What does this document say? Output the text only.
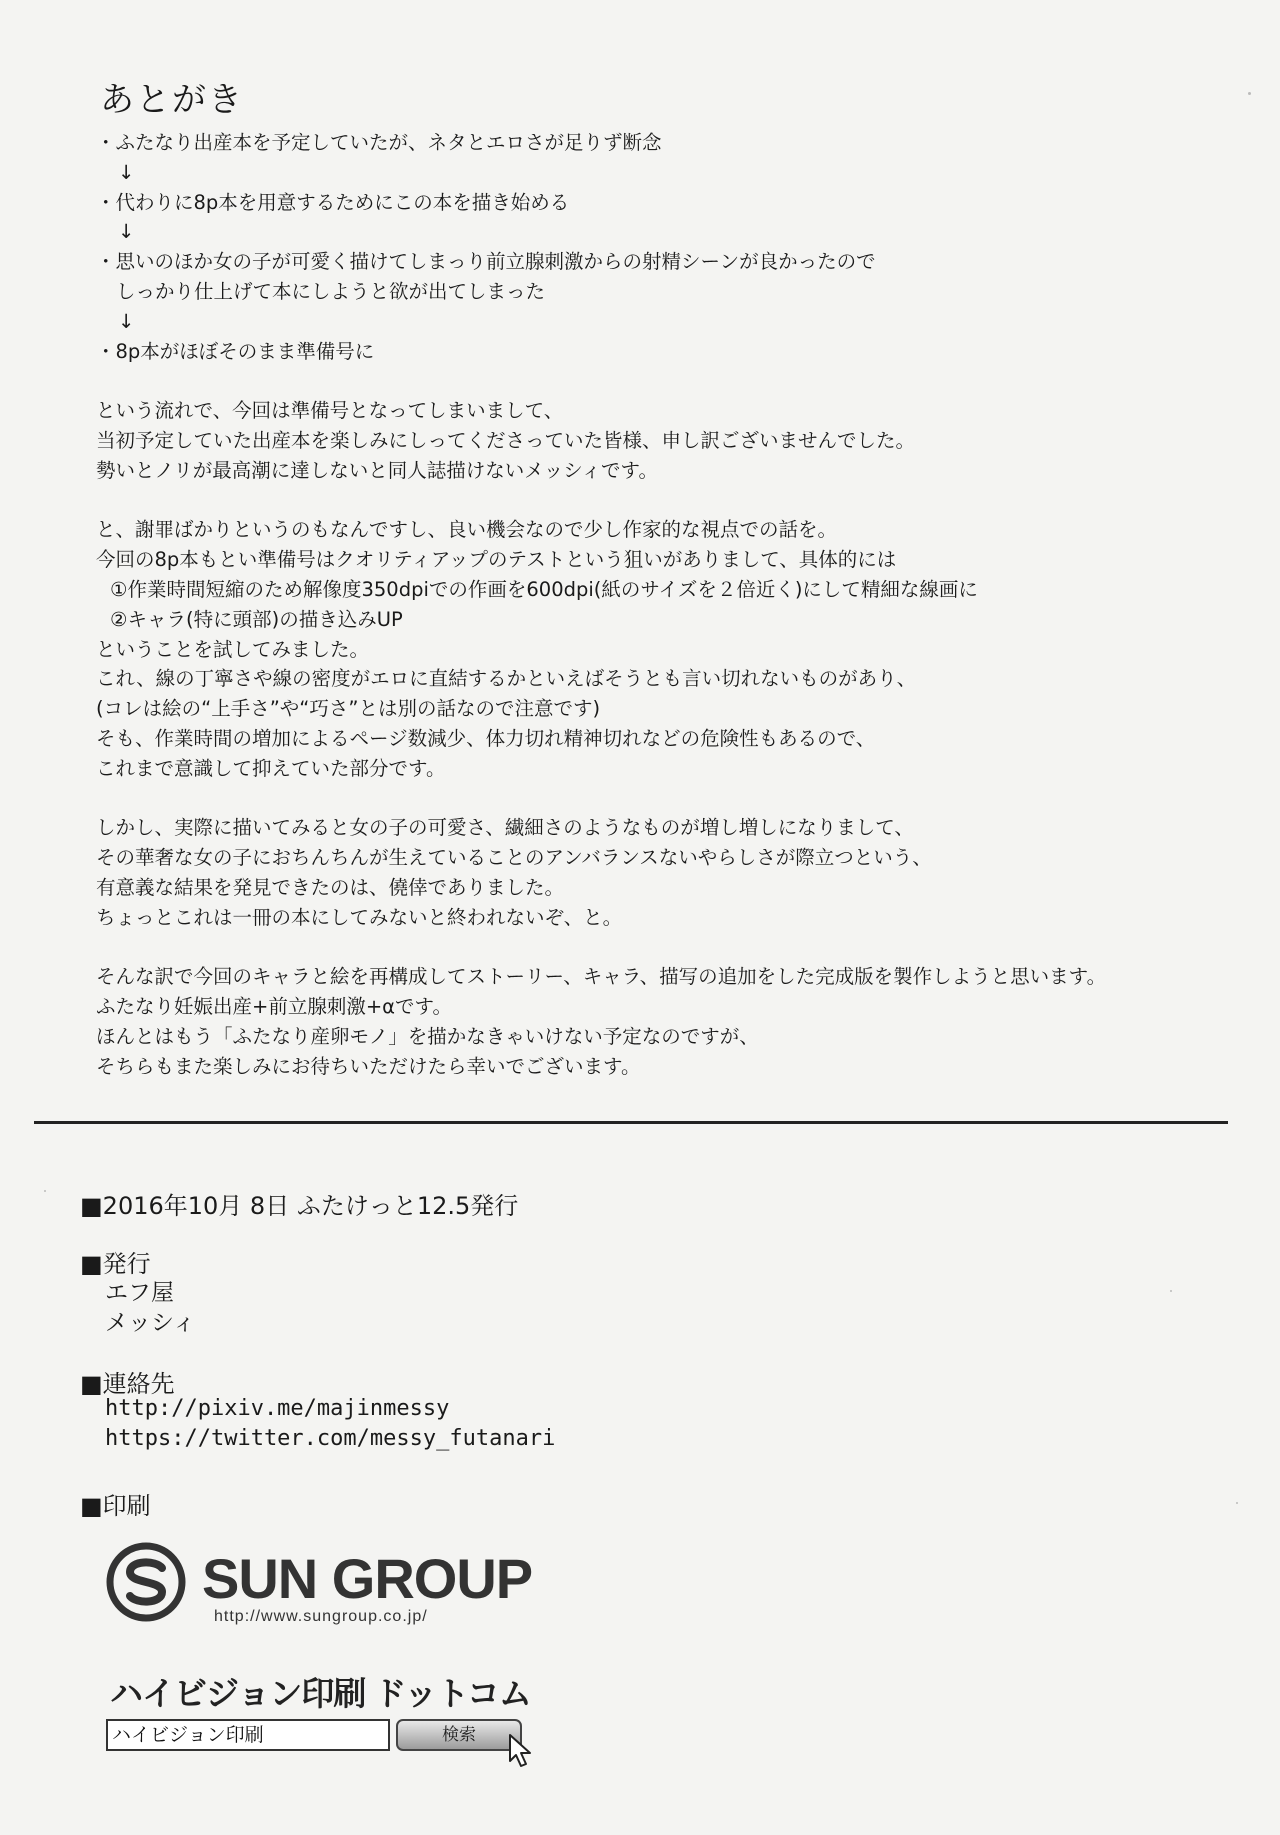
あとがき
・ふたなり出産本を予定していたが、ネタとエロさが足りず断念
↓
・代わりに8p本を用意するためにこの本を描き始める
↓
・思いのほか女の子が可愛く描けてしまっり前立腺刺激からの射精シーンが良かったので
しっかり仕上げて本にしようと欲が出てしまった
↓
・8p本がほぼそのまま準備号に
という流れで、今回は準備号となってしまいまして、
当初予定していた出産本を楽しみにしってくださっていた皆様、申し訳ございませんでした。
勢いとノリが最高潮に達しないと同人誌描けないメッシィです。
と、謝罪ばかりというのもなんですし、良い機会なので少し作家的な視点での話を。
今回の8p本もとい準備号はクオリティアップのテストという狙いがありまして、具体的には
①作業時間短縮のため解像度350dpiでの作画を600dpi(紙のサイズを２倍近く)にして精細な線画に
②キャラ(特に頭部)の描き込みUP
ということを試してみました。
これ、線の丁寧さや線の密度がエロに直結するかといえばそうとも言い切れないものがあり、
(コレは絵の“上手さ”や“巧さ”とは別の話なので注意です)
そも、作業時間の増加によるページ数減少、体力切れ精神切れなどの危険性もあるので、
これまで意識して抑えていた部分です。
しかし、実際に描いてみると女の子の可愛さ、繊細さのようなものが増し増しになりまして、
その華奢な女の子におちんちんが生えていることのアンバランスないやらしさが際立つという、
有意義な結果を発見できたのは、僥倖でありました。
ちょっとこれは一冊の本にしてみないと終われないぞ、と。
そんな訳で今回のキャラと絵を再構成してストーリー、キャラ、描写の追加をした完成版を製作しようと思います。
ふたなり妊娠出産+前立腺刺激+αです。
ほんとはもう「ふたなり産卵モノ」を描かなきゃいけない予定なのですが、
そちらもまた楽しみにお待ちいただけたら幸いでございます。
■2016年10月 8日 ふたけっと12.5発行
■発行
エフ屋
メッシィ
■連絡先
http://pixiv.me/majinmessy
https://twitter.com/messy_futanari
■印刷
SUN GROUP
http://www.sungroup.co.jp/
ハイビジョン印刷 ドットコム
ハイビジョン印刷	検索
